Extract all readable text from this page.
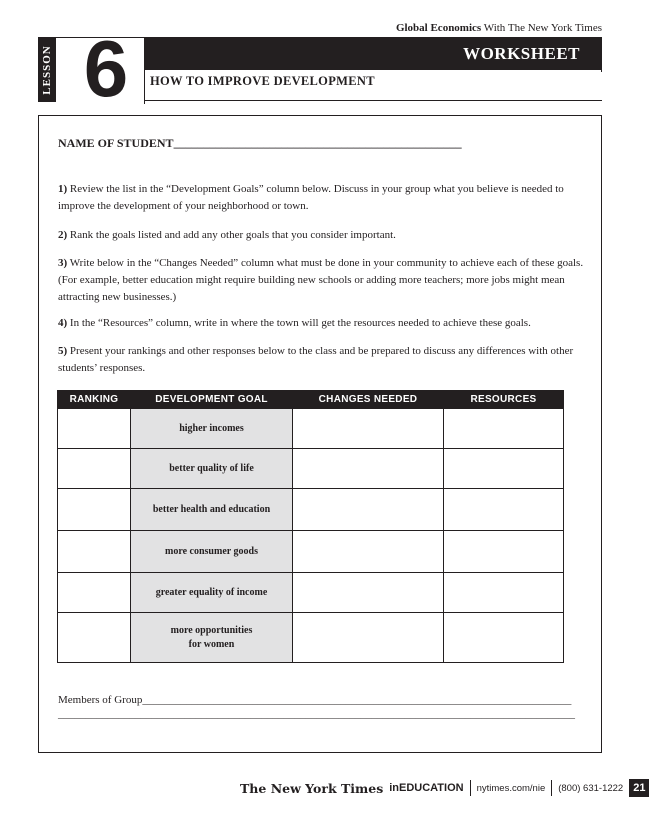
Global Economics With The New York Times
LESSON 6	WORKSHEET
HOW TO IMPROVE DEVELOPMENT
NAME OF STUDENT________________________________________________
1) Review the list in the “Development Goals” column below. Discuss in your group what you believe is needed to improve the development of your neighborhood or town.
2) Rank the goals listed and add any other goals that you consider important.
3) Write below in the “Changes Needed” column what must be done in your community to achieve each of these goals. (For example, better education might require building new schools or adding more teachers; more jobs might mean attracting new businesses.)
4) In the “Resources” column, write in where the town will get the resources needed to achieve these goals.
5) Present your rankings and other responses below to the class and be prepared to discuss any differences with other students’ responses.
RANKING	DEVELOPMENT GOAL	CHANGES NEEDED	RESOURCES
	higher incomes		
	better quality of life		
	better health and education		
	more consumer goods		
	greater equality of income		
	more opportunities
for women		
Members of Group______________________________________________________________________________
______________________________________________________________________________________________
The New York Times inEDUCATION nytimes.com/nie (800) 631-1222 21
